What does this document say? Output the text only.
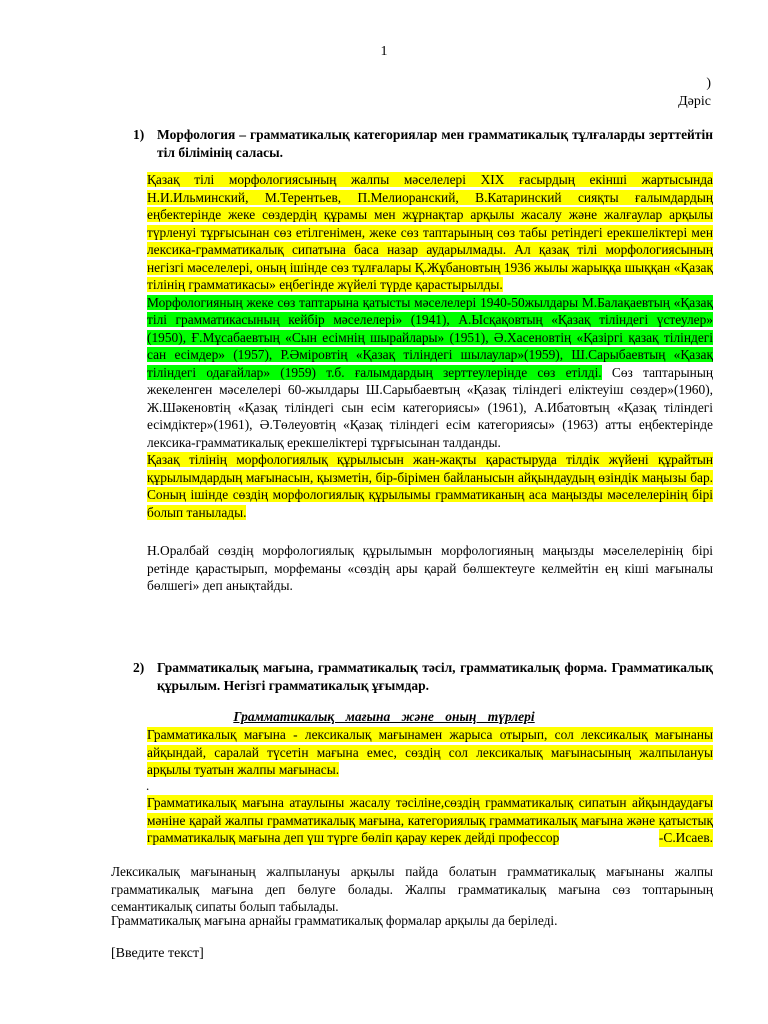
1
)
Дәріс
1) Морфология – грамматикалық категориялар мен грамматикалық тұлғаларды зерттейтін тіл білімінің саласы.
Қазақ тілі морфологиясының жалпы мәселелері XIX ғасырдың екінші жартысында Н.И.Ильминский, М.Терентьев, П.Мелиоранский, В.Катаринский сияқты ғалымдардың еңбектерінде жеке сөздердің құрамы мен жұрнақтар арқылы жасалу және жалғаулар арқылы түрленуі тұрғысынан сөз етілгенімен, жеке сөз таптарының сөз табы ретіндегі ерекшеліктері мен лексика-грамматикалық сипатына баса назар аударылмады. Ал қазақ тілі морфологиясының негізгі мәселелері, оның ішінде сөз тұлғалары Қ.Жұбановтың 1936 жылы жарыққа шыққан «Қазақ тілінің грамматикасы» еңбегінде жүйелі түрде қарастырылды.
Морфологияның жеке сөз таптарына қатысты мәселелері 1940-50жылдары М.Балақаевтың «Қазақ тілі грамматикасының кейбір мәселелері» (1941), А.Ысқақовтың «Қазақ тіліндегі үстеулер» (1950), Ғ.Мұсабаевтың «Сын есімнің шырайлары» (1951), Ә.Хасеновтің «Қазіргі қазақ тіліндегі сан есімдер» (1957), Р.Әміровтің «Қазақ тіліндегі шылаулар»(1959), Ш.Сарыбаевтың «Қазақ тіліндегі одағайлар» (1959) т.б. ғалымдардың зерттеулерінде сөз етілді. Сөз таптарының жекеленген мәселелері 60-жылдары Ш.Сарыбаевтың «Қазақ тіліндегі еліктеуіш сөздер»(1960), Ж.Шәкеновтің «Қазақ тіліндегі сын есім категориясы» (1961), А.Ибатовтың «Қазақ тіліндегі есімдіктер»(1961), Ә.Төлеуовтің «Қазақ тіліндегі есім категориясы» (1963) атты еңбектерінде лексика-грамматикалық ерекшеліктері тұрғысынан талданды.
Қазақ тілінің морфологиялық құрылысын жан-жақты қарастыруда тілдік жүйені құрайтын құрылымдардың мағынасын, қызметін, бір-бірімен байланысын айқындаудың өзіндік маңызы бар. Соның ішінде сөздің морфологиялық құрылымы грамматиканың аса маңызды мәселелерінің бірі болып танылады.
Н.Оралбай сөздің морфологиялық құрылымын морфологияның маңызды мәселелерінің бірі ретінде қарастырып, морфеманы «сөздің ары қарай бөлшектеуге келмейтін ең кіші мағыналы бөлшегі» деп анықтайды.
2) Грамматикалық мағына, грамматикалық тәсіл, грамматикалық форма. Грамматикалық құрылым. Негізгі грамматикалық ұғымдар.
Грамматикалық мағына және оның түрлері
Грамматикалық мағына - лексикалық мағынамен жарыса отырып, сол лексикалық мағынаны айқындай, саралай түсетін мағына емес, сөздің сол лексикалық мағынасының жалпылануы арқылы туатын жалпы мағынасы.
.
Грамматикалық мағына атаулыны жасалу тәсіліне,сөздің грамматикалық сипатын айқындаудағы мәніне қарай жалпы грамматикалық мағына, категориялық грамматикалық мағына және қатыстық грамматикалық мағына деп үш түрге бөліп қарау керек дейді профессор	-С.Исаев.
Лексикалық мағынаның жалпылануы арқылы пайда болатын грамматикалық мағынаны жалпы грамматикалық мағына деп бөлуге болады. Жалпы грамматикалық мағына сөз топтарының семантикалық сипаты болып табылады.
Грамматикалық мағына арнайы грамматикалық формалар арқылы да беріледі.
[Введите текст]
